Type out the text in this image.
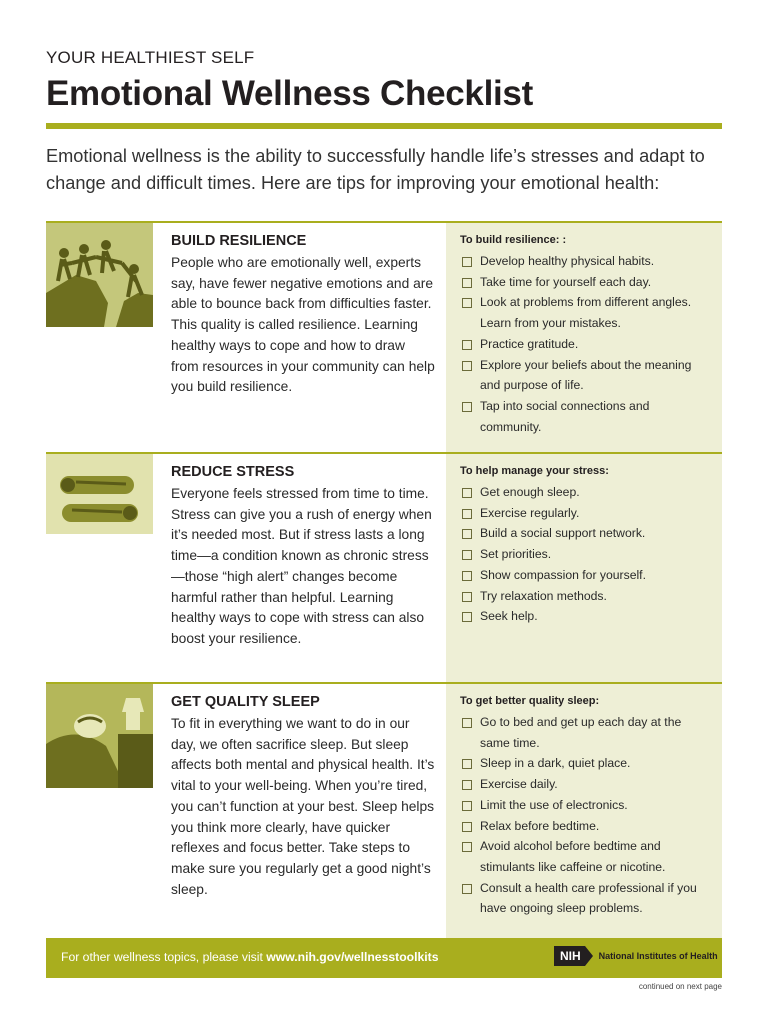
YOUR HEALTHIEST SELF
Emotional Wellness Checklist
Emotional wellness is the ability to successfully handle life’s stresses and adapt to change and difficult times. Here are tips for improving your emotional health:
BUILD RESILIENCE
People who are emotionally well, experts say, have fewer negative emotions and are able to bounce back from difficulties faster. This quality is called resilience. Learning healthy ways to cope and how to draw from resources in your community can help you build resilience.
To build resilience: :
Develop healthy physical habits.
Take time for yourself each day.
Look at problems from different angles. Learn from your mistakes.
Practice gratitude.
Explore your beliefs about the meaning and purpose of life.
Tap into social connections and community.
REDUCE STRESS
Everyone feels stressed from time to time. Stress can give you a rush of energy when it’s needed most. But if stress lasts a long time—a condition known as chronic stress—those “high alert” changes become harmful rather than helpful. Learning healthy ways to cope with stress can also boost your resilience.
To help manage your stress:
Get enough sleep.
Exercise regularly.
Build a social support network.
Set priorities.
Show compassion for yourself.
Try relaxation methods.
Seek help.
GET QUALITY SLEEP
To fit in everything we want to do in our day, we often sacrifice sleep. But sleep affects both mental and physical health. It’s vital to your well-being. When you’re tired, you can’t function at your best. Sleep helps you think more clearly, have quicker reflexes and focus better. Take steps to make sure you regularly get a good night’s sleep.
To get better quality sleep:
Go to bed and get up each day at the same time.
Sleep in a dark, quiet place.
Exercise daily.
Limit the use of electronics.
Relax before bedtime.
Avoid alcohol before bedtime and stimulants like caffeine or nicotine.
Consult a health care professional if you have ongoing sleep problems.
For other wellness topics, please visit www.nih.gov/wellnesstoolkits	NIH	National Institutes of Health
continued on next page
